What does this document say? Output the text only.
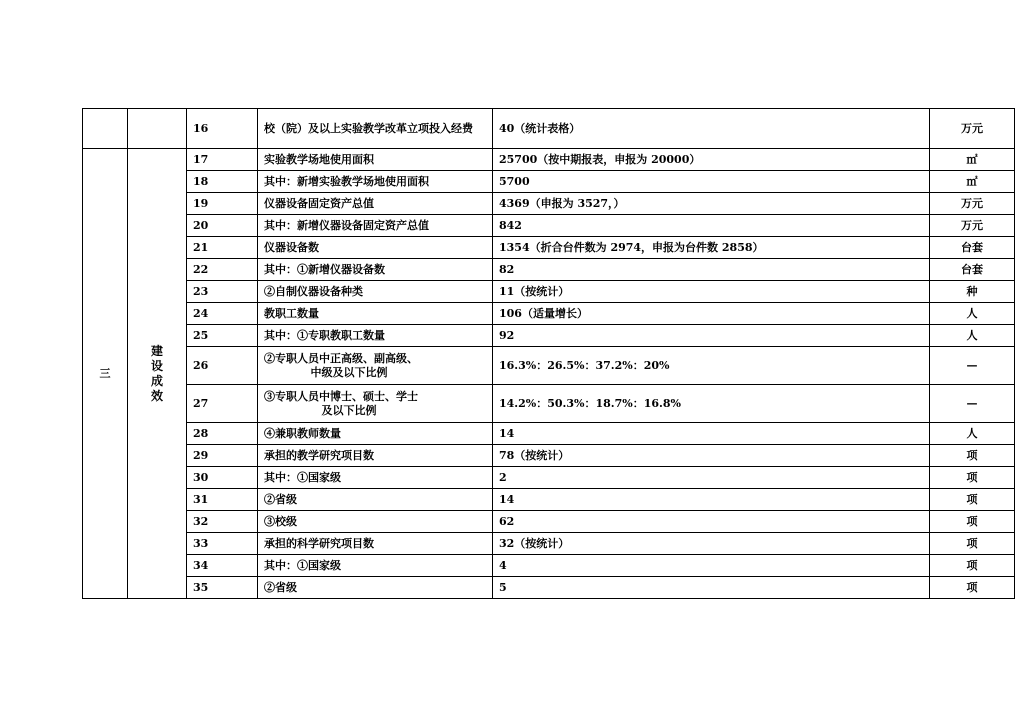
		16	校（院）及以上实验教学改革立项投入经费	40（统计表格）	万元
三	建设成效	17	实验教学场地使用面积	25700（按中期报表，申报为 20000）	㎡
		18	其中：新增实验教学场地使用面积	5700	㎡
		19	仪器设备固定资产总值	4369（申报为 3527，）	万元
		20	其中：新增仪器设备固定资产总值	842	万元
		21	仪器设备数	1354（折合台件数为 2974，申报为台件数 2858）	台套
		22	其中：①新增仪器设备数	82	台套
		23	②自制仪器设备种类	11（按统计）	种
		24	教职工数量	106（适量增长）	人
		25	其中：①专职教职工数量	92	人
		26	②专职人员中正高级、副高级、
中级及以下比例	16.3%：26.5%：37.2%：20%	—
		27	③专职人员中博士、硕士、学士
及以下比例	14.2%：50.3%：18.7%：16.8%	—
		28	④兼职教师数量	14	人
		29	承担的教学研究项目数	78（按统计）	项
		30	其中：①国家级	2	项
		31	②省级	14	项
		32	③校级	62	项
		33	承担的科学研究项目数	32（按统计）	项
		34	其中：①国家级	4	项
		35	②省级	5	项
